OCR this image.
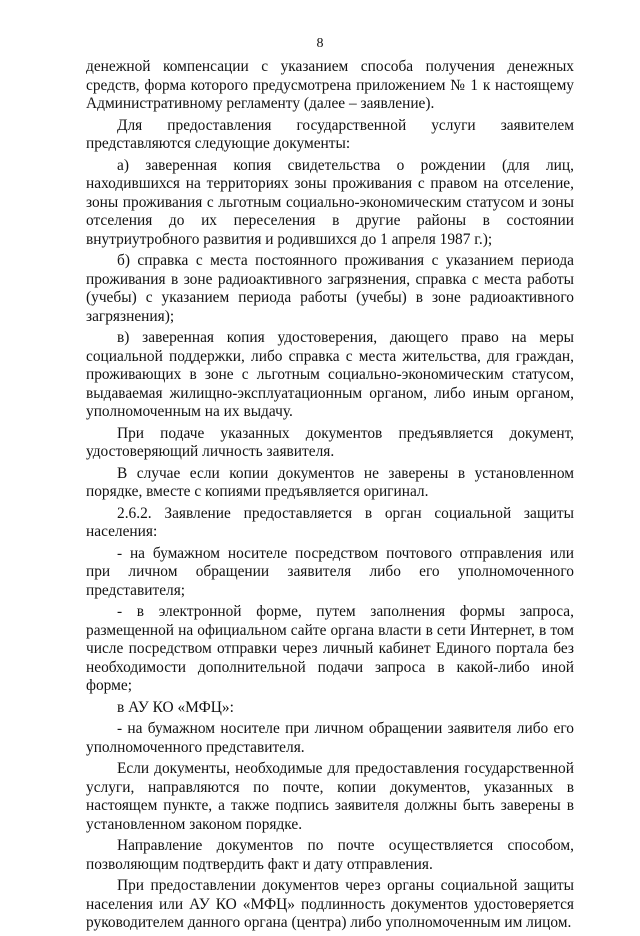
8

денежной компенсации с указанием способа получения денежных средств, форма которого предусмотрена приложением № 1 к настоящему Административному регламенту (далее – заявление).

Для предоставления государственной услуги заявителем представляются следующие документы:

а) заверенная копия свидетельства о рождении (для лиц, находившихся на территориях зоны проживания с правом на отселение, зоны проживания с льготным социально-экономическим статусом и зоны отселения до их переселения в другие районы в состоянии внутриутробного развития и родившихся до 1 апреля 1987 г.);

б) справка с места постоянного проживания с указанием периода проживания в зоне радиоактивного загрязнения, справка с места работы (учебы) с указанием периода работы (учебы) в зоне радиоактивного загрязнения);

в) заверенная копия удостоверения, дающего право на меры социальной поддержки, либо справка с места жительства, для граждан, проживающих в зоне с льготным социально-экономическим статусом, выдаваемая жилищно-эксплуатационным органом, либо иным органом, уполномоченным на их выдачу.

При подаче указанных документов предъявляется документ, удостоверяющий личность заявителя.

В случае если копии документов не заверены в установленном порядке, вместе с копиями предъявляется оригинал.

2.6.2. Заявление предоставляется в орган социальной защиты населения:

- на бумажном носителе посредством почтового отправления или при личном обращении заявителя либо его уполномоченного представителя;

- в электронной форме, путем заполнения формы запроса, размещенной на официальном сайте органа власти в сети Интернет, в том числе посредством отправки через личный кабинет Единого портала без необходимости дополнительной подачи запроса в какой-либо иной форме;

в АУ КО «МФЦ»:

- на бумажном носителе при личном обращении заявителя либо его уполномоченного представителя.

Если документы, необходимые для предоставления государственной услуги, направляются по почте, копии документов, указанных в настоящем пункте, а также подпись заявителя должны быть заверены в установленном законом порядке.

Направление документов по почте осуществляется способом, позволяющим подтвердить факт и дату отправления.

При предоставлении документов через органы социальной защиты населения или АУ КО «МФЦ» подлинность документов удостоверяется руководителем данного органа (центра) либо уполномоченным им лицом.
